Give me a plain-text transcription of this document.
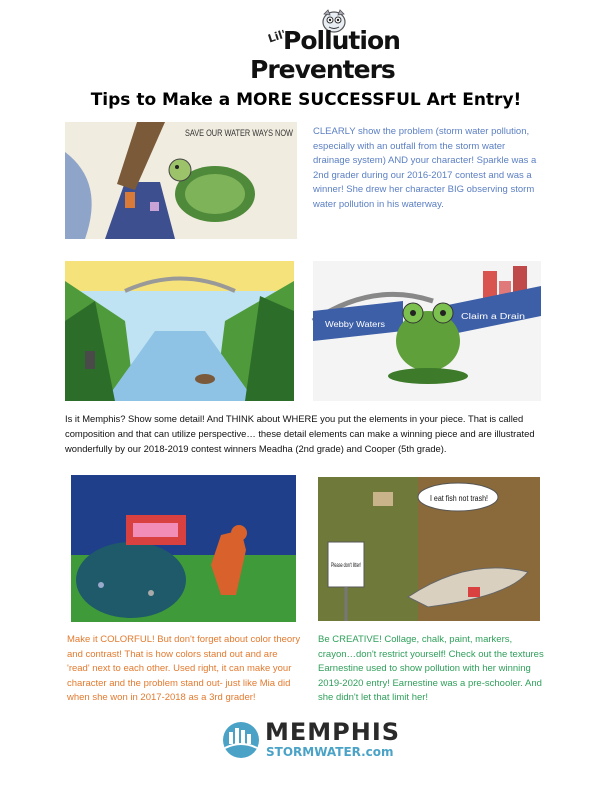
Lil'
Pollution
Preventers
Tips to Make a MORE SUCCESSFUL Art Entry!
SAVE OUR WATER WAYS NOW CLEARLY show the problem (storm water pollution, especially with an outfall from the storm water drainage system) AND your character! Sparkle was a 2nd grader during our 2016-2017 contest and was a winner! She drew her character BIG observing storm water pollution in his waterway.

Webby Waters
Claim a Drain

Is it Memphis? Show some detail! And THINK about WHERE you put the elements in your piece. That is called composition and that can utilize perspective… these detail elements can make a winning piece and are illustrated wonderfully by our 2018-2019 contest winners Meadha (2nd grade) and Cooper (5th grade).

I eat fish not trash!
Please don't litter!

Make it COLORFUL! But don't forget about color theory and contrast! That is how colors stand out and are 'read' next to each other. Used right, it can make your character and the problem stand out- just like Mia did when she won in 2017-2018 as a 3rd grader!

Be CREATIVE! Collage, chalk, paint, markers, crayon…don't restrict yourself! Check out the textures Earnestine used to show pollution with her winning 2019-2020 entry! Earnestine was a pre-schooler. And she didn't let that limit her!

MEMPHIS
STORMWATER.com
